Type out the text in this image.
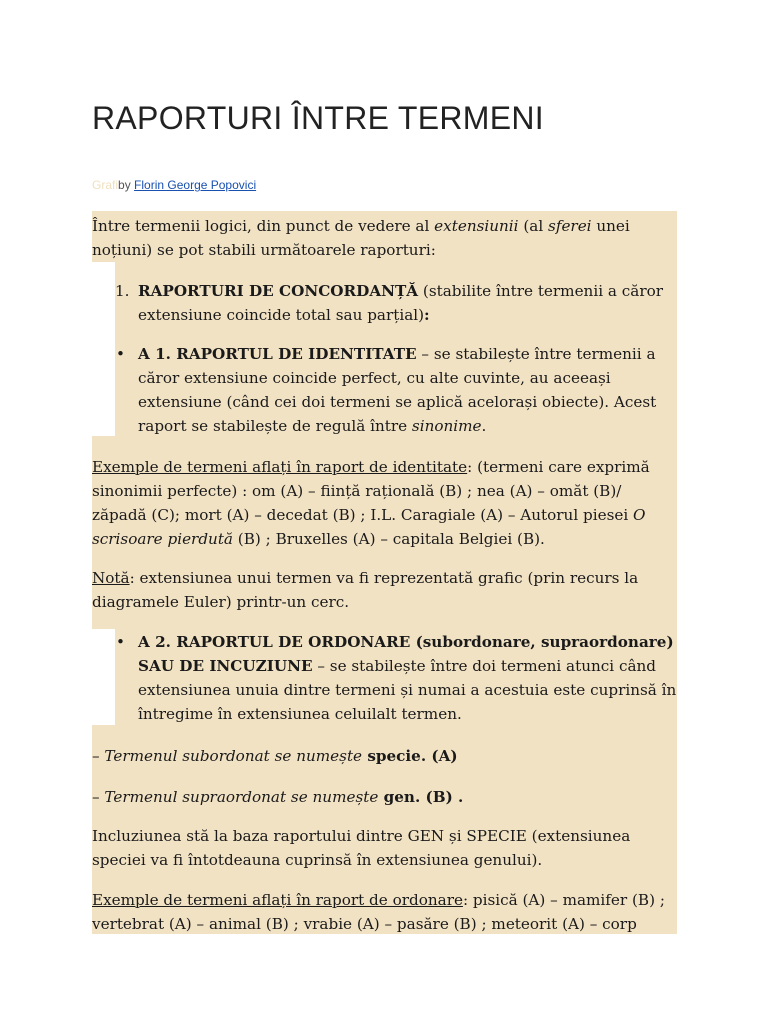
RAPORTURI ÎNTRE TERMENI
Grafiby Florin George Popovici

Între termenii logici, din punct de vedere al extensiunii (al sferei unei noțiuni) se pot stabili următoarele raporturi:

1. RAPORTURI DE CONCORDANȚĂ (stabilite între termenii a căror extensiune coincide total sau parțial):

• A 1. RAPORTUL DE IDENTITATE – se stabilește între termenii a căror extensiune coincide perfect, cu alte cuvinte, au aceeași extensiune (când cei doi termeni se aplică acelorași obiecte). Acest raport se stabilește de regulă între sinonime.

Exemple de termeni aflați în raport de identitate: (termeni care exprimă sinonimii perfecte) : om (A) – ființă rațională (B) ; nea (A) – omăt (B)/ zăpadă (C); mort (A) – decedat (B) ; I.L. Caragiale (A) – Autorul piesei O scrisoare pierdută (B) ; Bruxelles (A) – capitala Belgiei (B).

Notă: extensiunea unui termen va fi reprezentată grafic (prin recurs la diagramele Euler) printr-un cerc.

• A 2. RAPORTUL DE ORDONARE (subordonare, supraordonare) SAU DE INCUZIUNE – se stabilește între doi termeni atunci când extensiunea unuia dintre termeni și numai a acestuia este cuprinsă în întregime în extensiunea celuilalt termen.

– Termenul subordonat se numește specie. (A)

– Termenul supraordonat se numește gen. (B) .

Incluziunea stă la baza raportului dintre GEN și SPECIE (extensiunea speciei va fi întotdeauna cuprinsă în extensiunea genului).

Exemple de termeni aflați în raport de ordonare: pisică (A) – mamifer (B) ; vertebrat (A) – animal (B) ; vrabie (A) – pasăre (B) ; meteorit (A) – corp
